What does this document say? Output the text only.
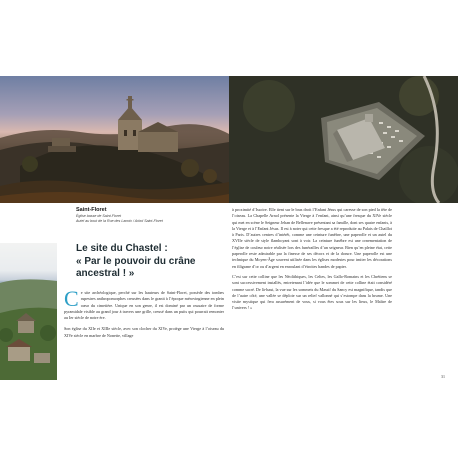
Saint-Floret
Église basse de Saint-Floret
Autel au bout de la Rue des Lanoix / Arbol Saint-Floret
Le site du Chastel :
« Par le pouvoir du crâne
ancestral ! »

Ce site archéologique, perché sur les hauteurs de Saint-Floret, possède des tombes rupestres anthropomorphes creusées dans le granit à l’époque mérovingienne en plein cœur du cimetière. Unique en son genre, il est dominé par un ossuaire de forme pyramidale visible au grand jour à travers une grille, creusé dans un puits qui pourrait remonter au Ier siècle de notre ère.

Son église du XIIe et XIIIe siècle, avec son clocher du XIVe, protège une Vierge à l’oiseau du XIVe siècle en marbre de Nonette, village

à proximité d’Issoire. Elle tient sur le bras droit l’Enfant Jésus qui caresse de son pied la tête de l’oiseau. La Chapelle Arnol présente la Vierge à l’enfant, ainsi qu’une fresque du XIVe siècle qui met en scène le Seigneur Jehan de Bellenave présentant sa famille, dont ses quatre enfants, à la Vierge et à l’Enfant Jésus. Il est à noter qui cette fresque a été reproduite au Palais de Chaillot à Paris. D’autres centres d’intérêt, comme une ceinture funèbre, une paperolle et un autel du XVIIe siècle de style flamboyant sont à voir. La ceinture funèbre est une ornementation de l’église de couleur noire réalisée lors des funérailles d’un seigneur. Bien qu’en pleine état, cette paperolle reste admirable par la finesse de ses décors et de la dorure. Une paperolle est une technique du Moyen-Âge souvent utilisée dans les églises modestes pour imiter les décorations en filigrane d’or ou d’argent en enroulant d’étroites bandes de papier.

C’est sur cette colline que les Néolithiques, les Celtes, les Gallo-Romains et les Chrétiens se sont successivement installés, entretenant l’idée que le sommet de cette colline était considéré comme sacré. De là-haut, la vue sur les sommets du Massif du Sancy est magnifique, tandis que de l’autre côté, une vallée se déploie sur un relief vallonné qui s’estompe dans la brume. Une visite mystique qui fera assurément de vous, si vous êtes sous sur les lieux, le Maître de l’univers ! »

31
